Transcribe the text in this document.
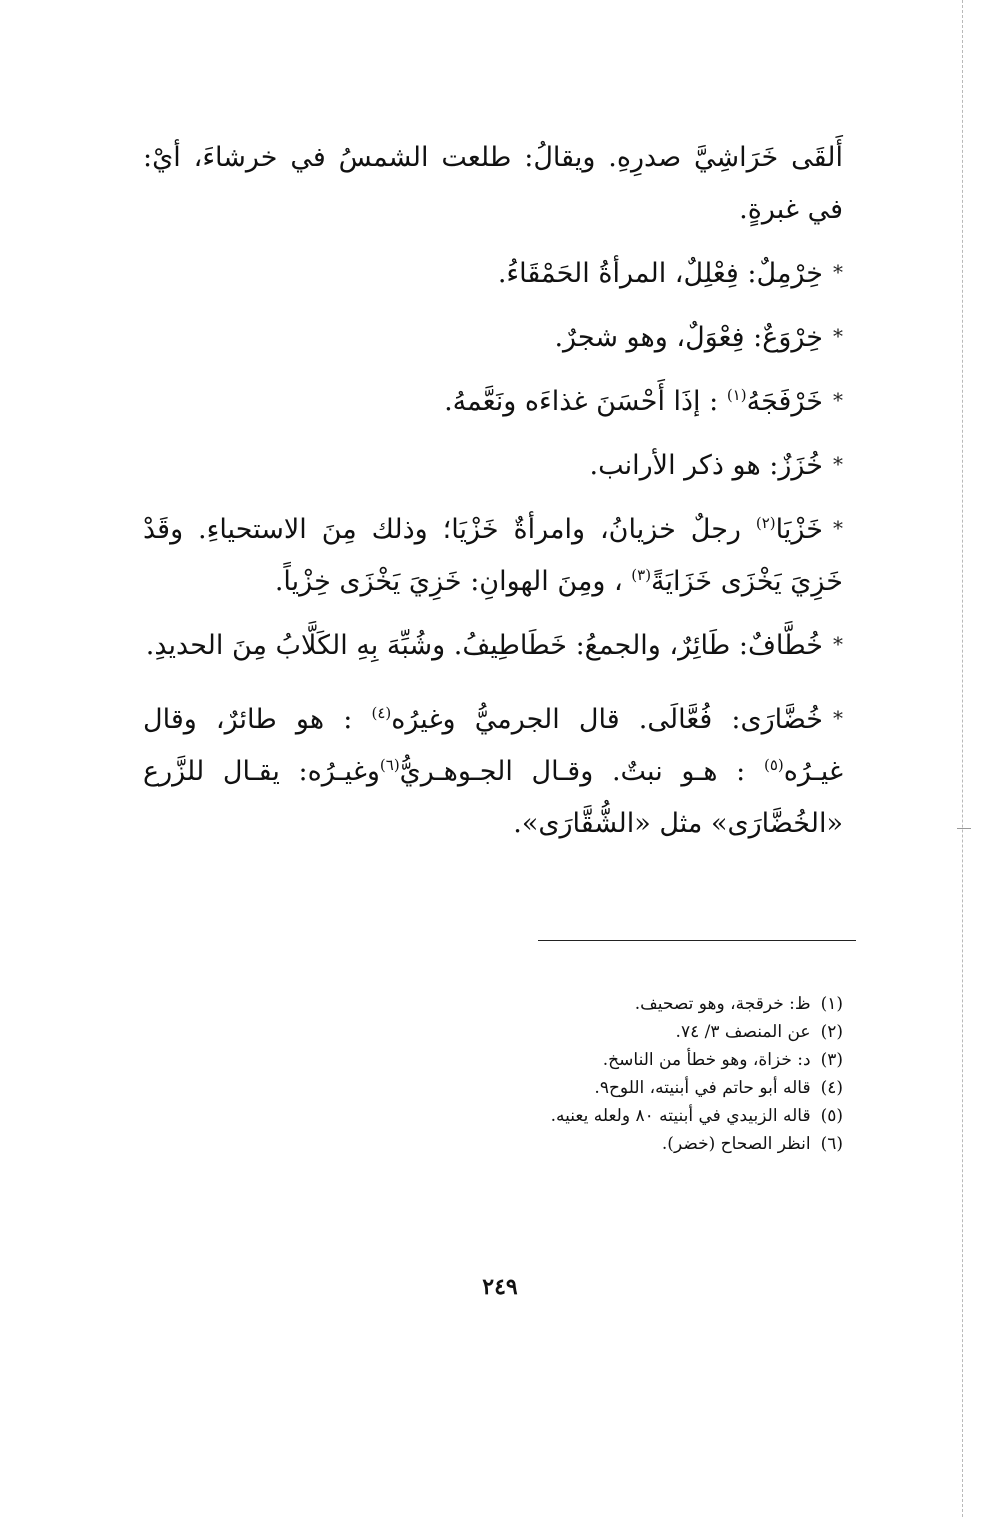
أَلقَى خَرَاشِيَّ صدرِهِ. ويقالُ: طلعت الشمسُ في خرشاءَ، أيْ: في غبرةٍ.

*خِرْمِلٌ: فِعْلِلٌ، المرأةُ الحَمْقَاءُ.

*خِرْوَعٌ: فِعْوَلٌ، وهو شجرٌ.

*خَرْفَجَهُ$^{(١)}$ : إذَا أَحْسَنَ غذاءَه ونَعَّمهُ.

*خُزَزٌ: هو ذكر الأرانب.

*خَزْيَا$^{(٢)}$ رجلٌ خزيانُ، وامرأةٌ خَزْيَا؛ وذلك مِنَ الاستحياءِ. وقَدْ خَزِيَ يَخْزَى خَزَايَةً$^{(٣)}$ ، ومِنَ الهوانِ: خَزِيَ يَخْزَى خِزْياً.

*خُطَّافٌ: طَائِرٌ، والجمعُ: خَطَاطِيفُ. وشُبِّهَ بِهِ الكَلَّابُ مِنَ الحديدِ.

*خُضَّارَى: فُعَّالَى. قال الجرميُّ وغيرُه$^{(٤)}$ : هو طائرٌ، وقال غيـرُه$^{(٥)}$ : هـو نبتٌ. وقـال الجـوهـريُّ$^{(٦)}$وغيـرُه: يقـال للزَّرع «الخُضَّارَى» مثل «الشُّقَّارَى».

(١)ظ: خرقجة، وهو تصحيف.
(٢)عن المنصف ٣/ ٧٤.
(٣)د: خزاة، وهو خطأ من الناسخ.
(٤)قاله أبو حاتم في أبنيته، اللوح٩.
(٥)قاله الزبيدي في أبنيته ٨٠ ولعله يعنيه.
(٦)انظر الصحاح (خضر).
٢٤٩
